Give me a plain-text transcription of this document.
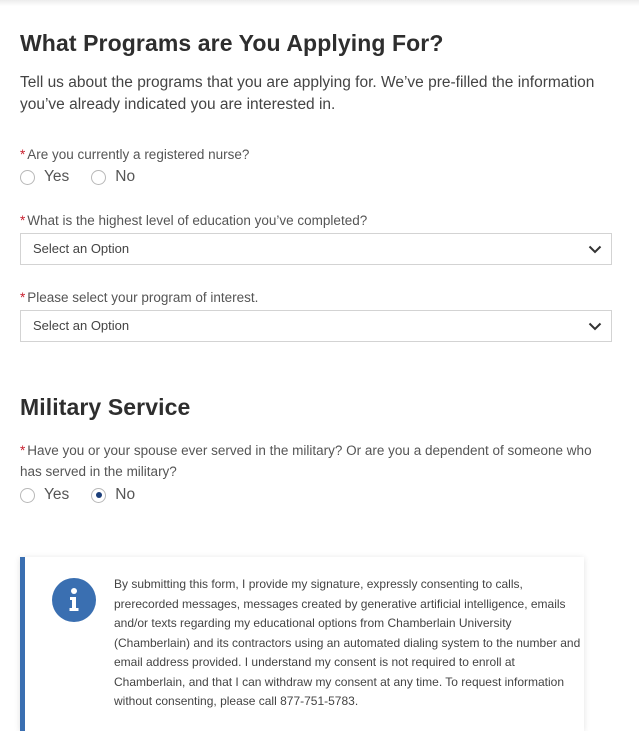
What Programs are You Applying For?
Tell us about the programs that you are applying for. We’ve pre-filled the information you’ve already indicated you are interested in.
* Are you currently a registered nurse?
Yes	No
* What is the highest level of education you’ve completed?
Select an Option
* Please select your program of interest.
Select an Option
Military Service
* Have you or your spouse ever served in the military? Or are you a dependent of someone who has served in the military?
Yes	No
By submitting this form, I provide my signature, expressly consenting to calls, prerecorded messages, messages created by generative artificial intelligence, emails and/or texts regarding my educational options from Chamberlain University (Chamberlain) and its contractors using an automated dialing system to the number and email address provided. I understand my consent is not required to enroll at Chamberlain, and that I can withdraw my consent at any time. To request information without consenting, please call 877-751-5783.
